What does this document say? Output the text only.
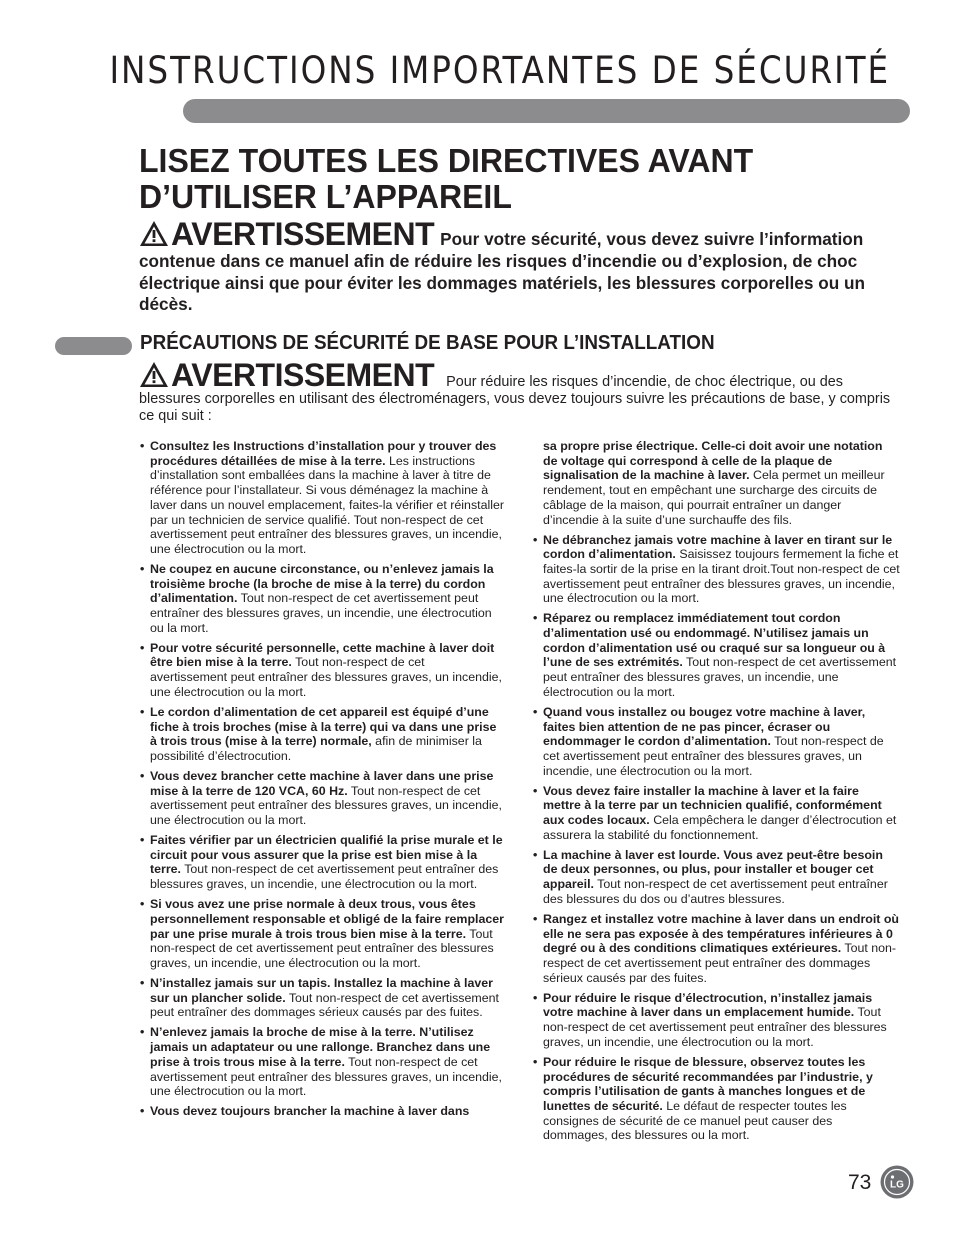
INSTRUCTIONS IMPORTANTES DE SÉCURITÉ
LISEZ TOUTES LES DIRECTIVES AVANT
D’UTILISER L’APPAREIL
AVERTISSEMENT Pour votre sécurité, vous devez suivre l’information contenue dans ce manuel afin de réduire les risques d’incendie ou d’explosion, de choc électrique ainsi que pour éviter les dommages matériels, les blessures corporelles ou un décès.
PRÉCAUTIONS DE SÉCURITÉ DE BASE POUR L’INSTALLATION
AVERTISSEMENT Pour réduire les risques d’incendie, de choc électrique, ou des blessures corporelles en utilisant des électroménagers, vous devez toujours suivre les précautions de base, y compris ce qui suit :
• Consultez les Instructions d’installation pour y trouver des procédures détaillées de mise à la terre. Les instructions d’installation sont emballées dans la machine à laver à titre de référence pour l’installateur. Si vous déménagez la machine à laver dans un nouvel emplacement, faites-la vérifier et réinstaller par un technicien de service qualifié. Tout non-respect de cet avertissement peut entraîner des blessures graves, un incendie, une électrocution ou la mort.
• Ne coupez en aucune circonstance, ou n’enlevez jamais la troisième broche (la broche de mise à la terre) du cordon d’alimentation. Tout non-respect de cet avertissement peut entraîner des blessures graves, un incendie, une électrocution ou la mort.
• Pour votre sécurité personnelle, cette machine à laver doit être bien mise à la terre. Tout non-respect de cet avertissement peut entraîner des blessures graves, un incendie, une électrocution ou la mort.
• Le cordon d’alimentation de cet appareil est équipé d’une fiche à trois broches (mise à la terre) qui va dans une prise à trois trous (mise à la terre) normale, afin de minimiser la possibilité d’électrocution.
• Vous devez brancher cette machine à laver dans une prise mise à la terre de 120 VCA, 60 Hz. Tout non-respect de cet avertissement peut entraîner des blessures graves, un incendie, une électrocution ou la mort.
• Faites vérifier par un électricien qualifié la prise murale et le circuit pour vous assurer que la prise est bien mise à la terre. Tout non-respect de cet avertissement peut entraîner des blessures graves, un incendie, une électrocution ou la mort.
• Si vous avez une prise normale à deux trous, vous êtes personnellement responsable et obligé de la faire remplacer par une prise murale à trois trous bien mise à la terre. Tout non-respect de cet avertissement peut entraîner des blessures graves, un incendie, une électrocution ou la mort.
• N’installez jamais sur un tapis. Installez la machine à laver sur un plancher solide. Tout non-respect de cet avertissement peut entraîner des dommages sérieux causés par des fuites.
• N’enlevez jamais la broche de mise à la terre. N’utilisez jamais un adaptateur ou une rallonge. Branchez dans une prise à trois trous mise à la terre. Tout non-respect de cet avertissement peut entraîner des blessures graves, un incendie, une électrocution ou la mort.
• Vous devez toujours brancher la machine à laver dans
sa propre prise électrique. Celle-ci doit avoir une notation de voltage qui correspond à celle de la plaque de signalisation de la machine à laver. Cela permet un meilleur rendement, tout en empêchant une surcharge des circuits de câblage de la maison, qui pourrait entraîner un danger d’incendie à la suite d’une surchauffe des fils.
• Ne débranchez jamais votre machine à laver en tirant sur le cordon d’alimentation. Saisissez toujours fermement la fiche et faites-la sortir de la prise en la tirant droit.Tout non-respect de cet avertissement peut entraîner des blessures graves, un incendie, une électrocution ou la mort.
• Réparez ou remplacez immédiatement tout cordon d’alimentation usé ou endommagé. N’utilisez jamais un cordon d’alimentation usé ou craqué sur sa longueur ou à l’une de ses extrémités. Tout non-respect de cet avertissement peut entraîner des blessures graves, un incendie, une électrocution ou la mort.
• Quand vous installez ou bougez votre machine à laver, faites bien attention de ne pas pincer, écraser ou endommager le cordon d’alimentation. Tout non-respect de cet avertissement peut entraîner des blessures graves, un incendie, une électrocution ou la mort.
• Vous devez faire installer la machine à laver et la faire mettre à la terre par un technicien qualifié, conformément aux codes locaux. Cela empêchera le danger d’électrocution et assurera la stabilité du fonctionnement.
• La machine à laver est lourde. Vous avez peut-être besoin de deux personnes, ou plus, pour installer et bouger cet appareil. Tout non-respect de cet avertissement peut entraîner des blessures du dos ou d’autres blessures.
• Rangez et installez votre machine à laver dans un endroit où elle ne sera pas exposée à des températures inférieures à 0 degré ou à des conditions climatiques extérieures. Tout non-respect de cet avertissement peut entraîner des dommages sérieux causés par des fuites.
• Pour réduire le risque d’électrocution, n’installez jamais votre machine à laver dans un emplacement humide. Tout non-respect de cet avertissement peut entraîner des blessures graves, un incendie, une électrocution ou la mort.
• Pour réduire le risque de blessure, observez toutes les procédures de sécurité recommandées par l’industrie, y compris l’utilisation de gants à manches longues et de lunettes de sécurité. Le défaut de respecter toutes les consignes de sécurité de ce manuel peut causer des dommages, des blessures ou la mort.
73 LG
